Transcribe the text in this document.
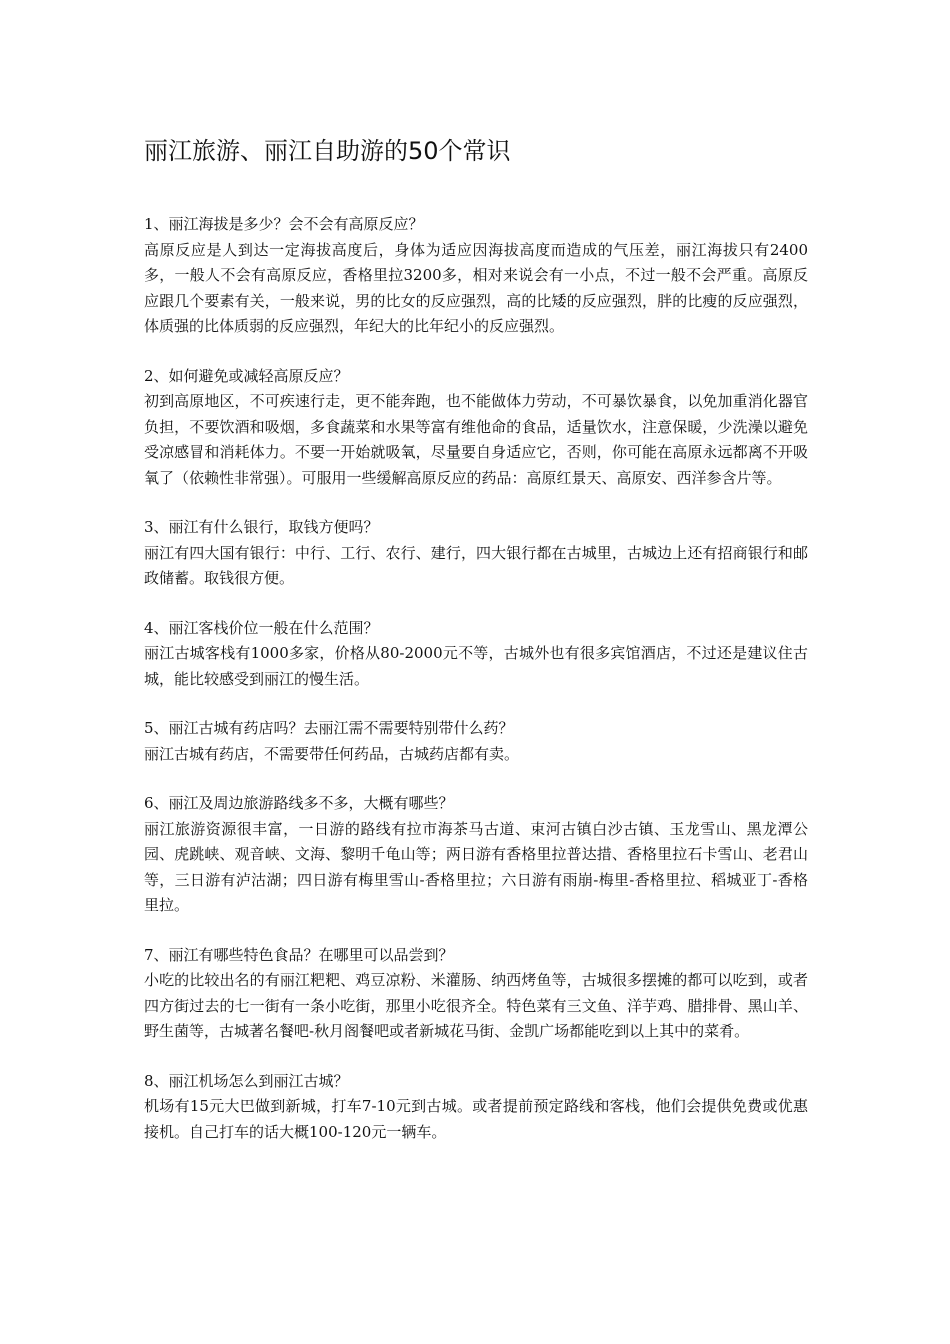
丽江旅游、丽江自助游的50个常识

1、丽江海拔是多少？会不会有高原反应？

高原反应是人到达一定海拔高度后，身体为适应因海拔高度而造成的气压差，丽江海拔只有2400多，一般人不会有高原反应，香格里拉3200多，相对来说会有一小点，不过一般不会严重。高原反应跟几个要素有关，一般来说，男的比女的反应强烈，高的比矮的反应强烈，胖的比瘦的反应强烈，体质强的比体质弱的反应强烈，年纪大的比年纪小的反应强烈。

2、如何避免或减轻高原反应？

初到高原地区，不可疾速行走，更不能奔跑，也不能做体力劳动，不可暴饮暴食，以免加重消化器官负担，不要饮酒和吸烟，多食蔬菜和水果等富有维他命的食品，适量饮水，注意保暖，少洗澡以避免受凉感冒和消耗体力。不要一开始就吸氧，尽量要自身适应它，否则，你可能在高原永远都离不开吸氧了（依赖性非常强）。可服用一些缓解高原反应的药品：高原红景天、高原安、西洋参含片等。

3、丽江有什么银行，取钱方便吗？

丽江有四大国有银行：中行、工行、农行、建行，四大银行都在古城里，古城边上还有招商银行和邮政储蓄。取钱很方便。

4、丽江客栈价位一般在什么范围？

丽江古城客栈有1000多家，价格从80-2000元不等，古城外也有很多宾馆酒店，不过还是建议住古城，能比较感受到丽江的慢生活。

5、丽江古城有药店吗？去丽江需不需要特别带什么药？

丽江古城有药店，不需要带任何药品，古城药店都有卖。

6、丽江及周边旅游路线多不多，大概有哪些？

丽江旅游资源很丰富，一日游的路线有拉市海茶马古道、束河古镇白沙古镇、玉龙雪山、黑龙潭公园、虎跳峡、观音峡、文海、黎明千龟山等；两日游有香格里拉普达措、香格里拉石卡雪山、老君山等，三日游有泸沽湖；四日游有梅里雪山-香格里拉；六日游有雨崩-梅里-香格里拉、稻城亚丁-香格里拉。

7、丽江有哪些特色食品？在哪里可以品尝到？

小吃的比较出名的有丽江粑粑、鸡豆凉粉、米灌肠、纳西烤鱼等，古城很多摆摊的都可以吃到，或者四方街过去的七一街有一条小吃街，那里小吃很齐全。特色菜有三文鱼、洋芋鸡、腊排骨、黑山羊、野生菌等，古城著名餐吧-秋月阁餐吧或者新城花马街、金凯广场都能吃到以上其中的菜肴。

8、丽江机场怎么到丽江古城？

机场有15元大巴做到新城，打车7-10元到古城。或者提前预定路线和客栈，他们会提供免费或优惠接机。自己打车的话大概100-120元一辆车。
